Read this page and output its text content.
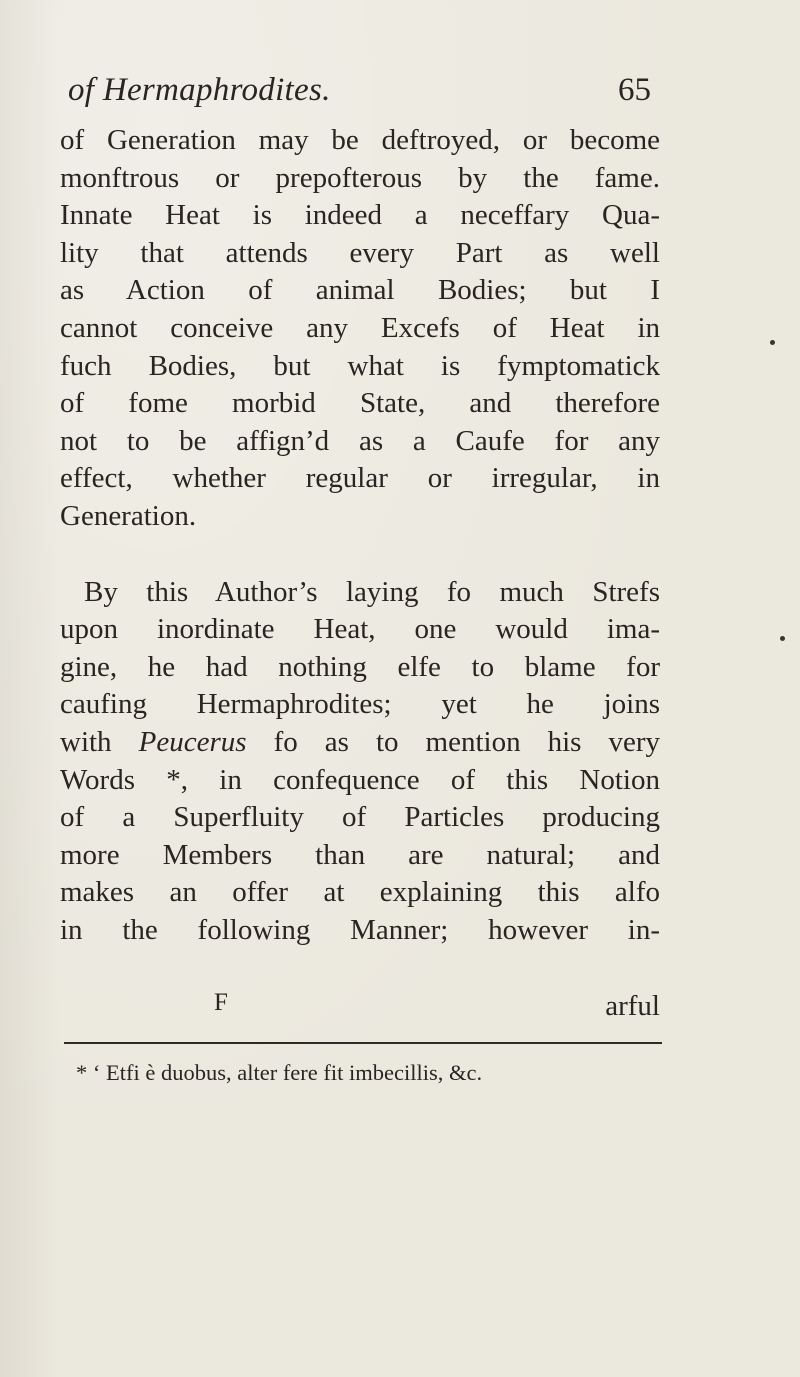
of Hermaphrodites.	65
of Generation may be deftroyed, or become
monftrous or prepofterous by the fame.
Innate Heat is indeed a neceffary Qua-
lity that attends every Part as well
as Action of animal Bodies; but I
cannot conceive any Excefs of Heat in
fuch Bodies, but what is fymptomatick
of fome morbid State, and therefore
not to be affign’d as a Caufe for any
effect, whether regular or irregular, in
Generation.
By this Author’s laying fo much Strefs
upon inordinate Heat, one would ima-
gine, he had nothing elfe to blame for
caufing Hermaphrodites; yet he joins
with Peucerus fo as to mention his very
Words *, in confequence of this Notion
of a Superfluity of Particles producing
more Members than are natural; and
makes an offer at explaining this alfo
in the following Manner; however in-
F	arful
* ‘ Etfi è duobus, alter fere fit imbecillis, &c.
